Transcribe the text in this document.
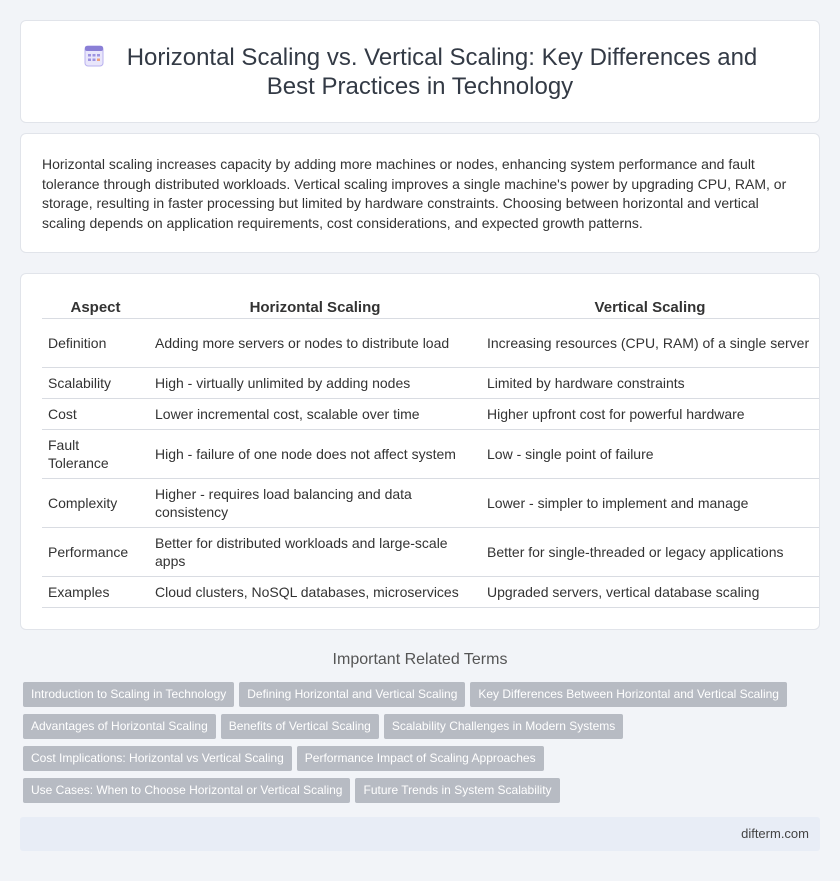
Horizontal Scaling vs. Vertical Scaling: Key Differences and Best Practices in Technology

Horizontal scaling increases capacity by adding more machines or nodes, enhancing system performance and fault tolerance through distributed workloads. Vertical scaling improves a single machine's power by upgrading CPU, RAM, or storage, resulting in faster processing but limited by hardware constraints. Choosing between horizontal and vertical scaling depends on application requirements, cost considerations, and expected growth patterns.

Aspect	Horizontal Scaling	Vertical Scaling
Definition	Adding more servers or nodes to distribute load	Increasing resources (CPU, RAM) of a single server
Scalability	High - virtually unlimited by adding nodes	Limited by hardware constraints
Cost	Lower incremental cost, scalable over time	Higher upfront cost for powerful hardware
Fault Tolerance	High - failure of one node does not affect system	Low - single point of failure
Complexity	Higher - requires load balancing and data consistency	Lower - simpler to implement and manage
Performance	Better for distributed workloads and large-scale apps	Better for single-threaded or legacy applications
Examples	Cloud clusters, NoSQL databases, microservices	Upgraded servers, vertical database scaling
Important Related Terms
Introduction to Scaling in Technology Defining Horizontal and Vertical Scaling Key Differences Between Horizontal and Vertical Scaling
Advantages of Horizontal Scaling Benefits of Vertical Scaling Scalability Challenges in Modern Systems
Cost Implications: Horizontal vs Vertical Scaling Performance Impact of Scaling Approaches
Use Cases: When to Choose Horizontal or Vertical Scaling Future Trends in System Scalability
difterm.com
